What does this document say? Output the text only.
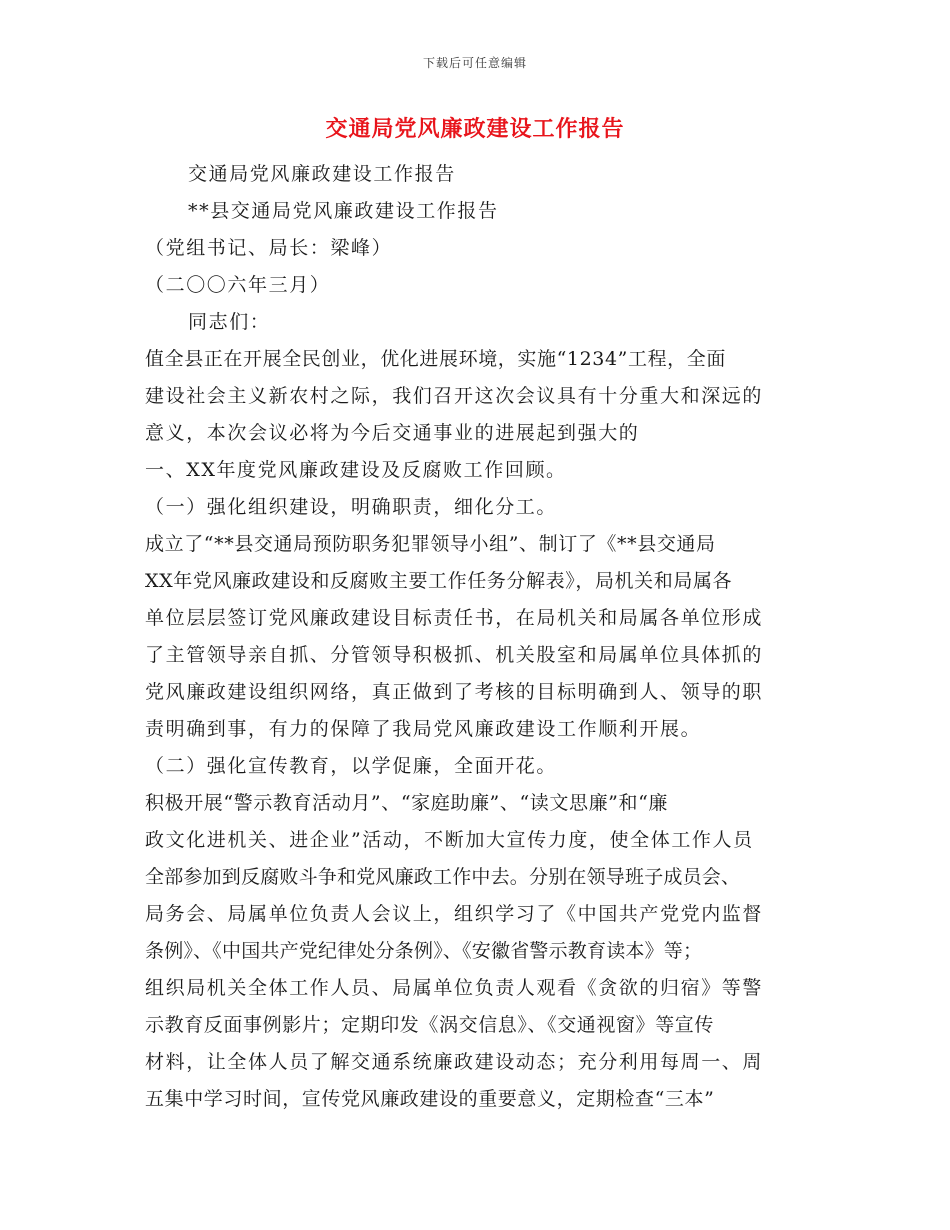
下载后可任意编辑
交通局党风廉政建设工作报告
交通局党风廉政建设工作报告
**县交通局党风廉政建设工作报告
（党组书记、局长：梁峰）
（二〇〇六年三月）
同志们：
值全县正在开展全民创业，优化进展环境，实施“1234”工程，全面
建设社会主义新农村之际，我们召开这次会议具有十分重大和深远的
意义，本次会议必将为今后交通事业的进展起到强大的
一、XX年度党风廉政建设及反腐败工作回顾。
（一）强化组织建设，明确职责，细化分工。
成立了“**县交通局预防职务犯罪领导小组”、制订了《**县交通局
XX年党风廉政建设和反腐败主要工作任务分解表》，局机关和局属各
单位层层签订党风廉政建设目标责任书，在局机关和局属各单位形成
了主管领导亲自抓、分管领导积极抓、机关股室和局属单位具体抓的
党风廉政建设组织网络，真正做到了考核的目标明确到人、领导的职
责明确到事，有力的保障了我局党风廉政建设工作顺利开展。
（二）强化宣传教育，以学促廉，全面开花。
积极开展“警示教育活动月”、“家庭助廉”、“读文思廉”和“廉
政文化进机关、进企业”活动，不断加大宣传力度，使全体工作人员
全部参加到反腐败斗争和党风廉政工作中去。分别在领导班子成员会、
局务会、局属单位负责人会议上，组织学习了《中国共产党党内监督
条例》、《中国共产党纪律处分条例》、《安徽省警示教育读本》等；
组织局机关全体工作人员、局属单位负责人观看《贪欲的归宿》等警
示教育反面事例影片；定期印发《涡交信息》、《交通视窗》等宣传
材料，让全体人员了解交通系统廉政建设动态；充分利用每周一、周
五集中学习时间，宣传党风廉政建设的重要意义，定期检查“三本”
